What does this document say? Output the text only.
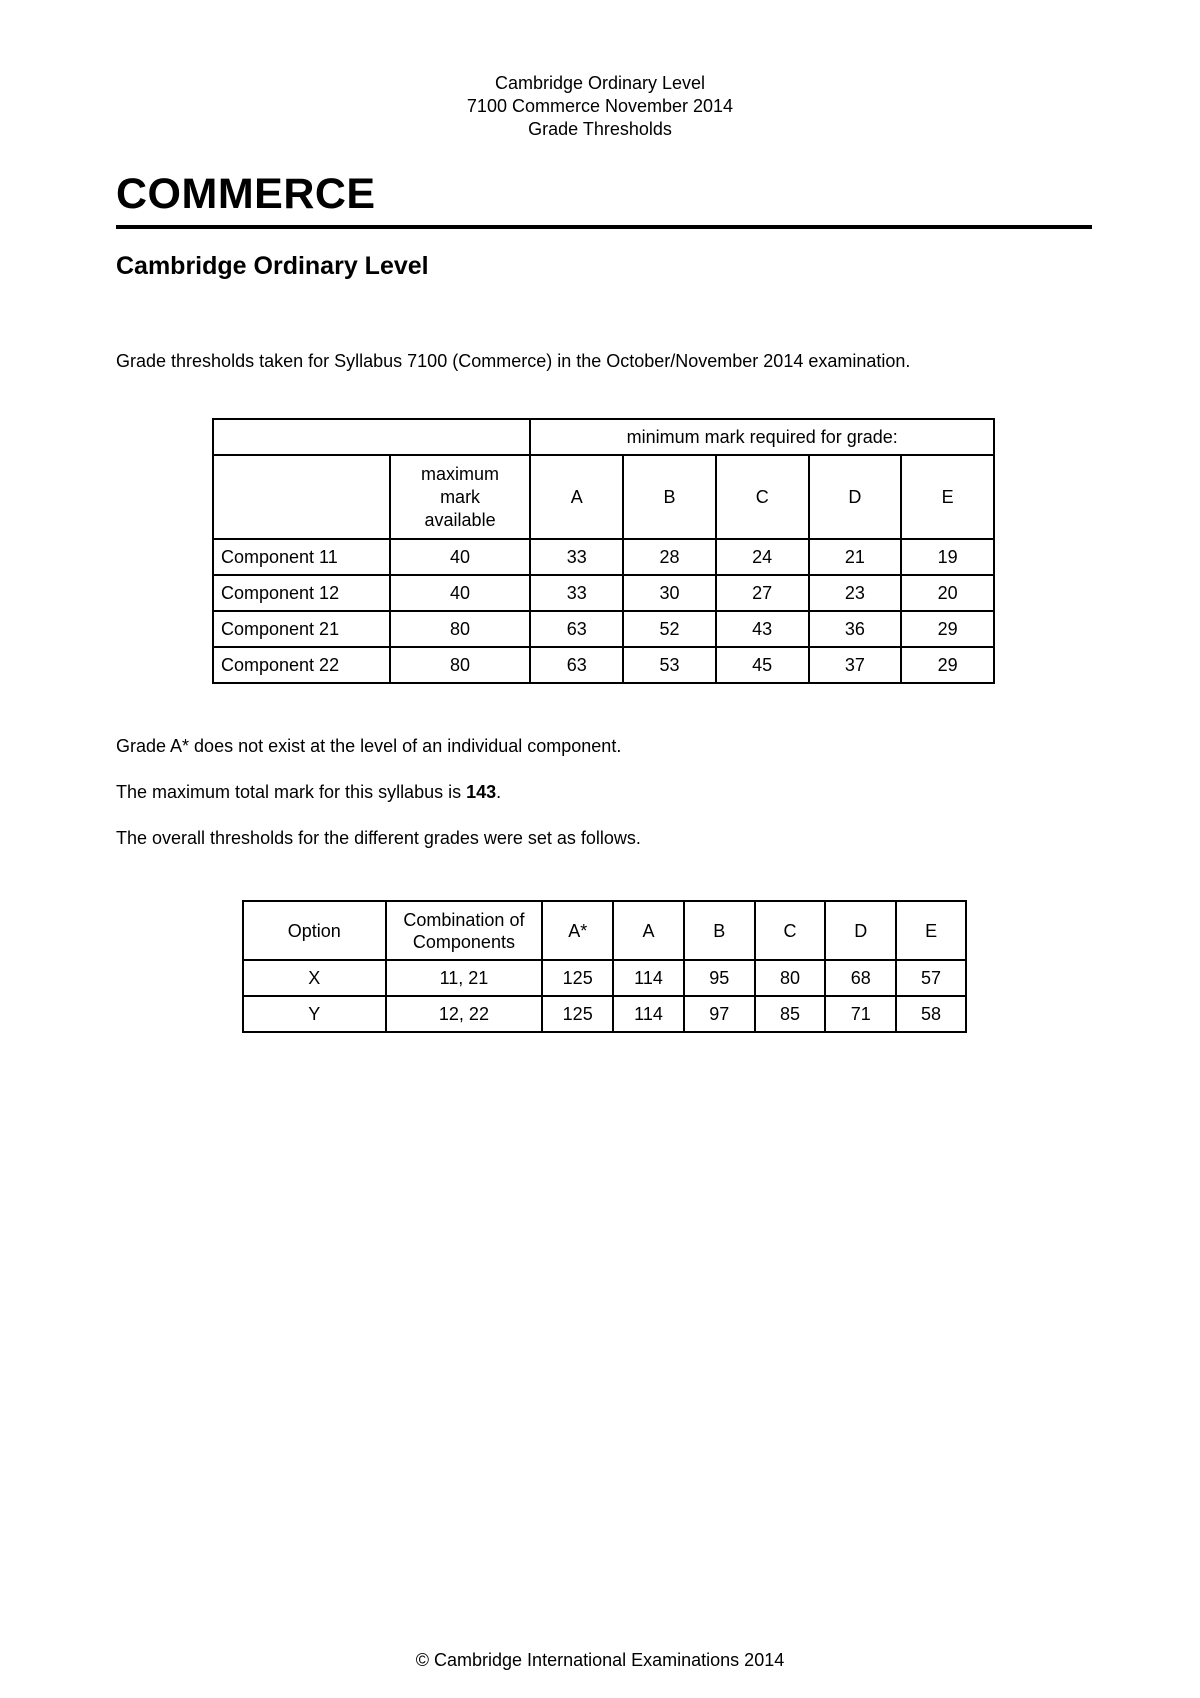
Cambridge Ordinary Level
7100 Commerce November 2014
Grade Thresholds
COMMERCE
Cambridge Ordinary Level

Grade thresholds taken for Syllabus 7100 (Commerce) in the October/November 2014 examination.

		minimum mark required for grade:				
	maximum
mark
available	A	B	C	D	E
Component 11	40	33	28	24	21	19
Component 12	40	33	30	27	23	20
Component 21	80	63	52	43	36	29
Component 22	80	63	53	45	37	29

Grade A* does not exist at the level of an individual component.

The maximum total mark for this syllabus is 143.

The overall thresholds for the different grades were set as follows.

Option	Combination of
Components	A*	A	B	C	D	E
X	11, 21	125	114	95	80	68	57
Y	12, 22	125	114	97	85	71	58
© Cambridge International Examinations 2014
